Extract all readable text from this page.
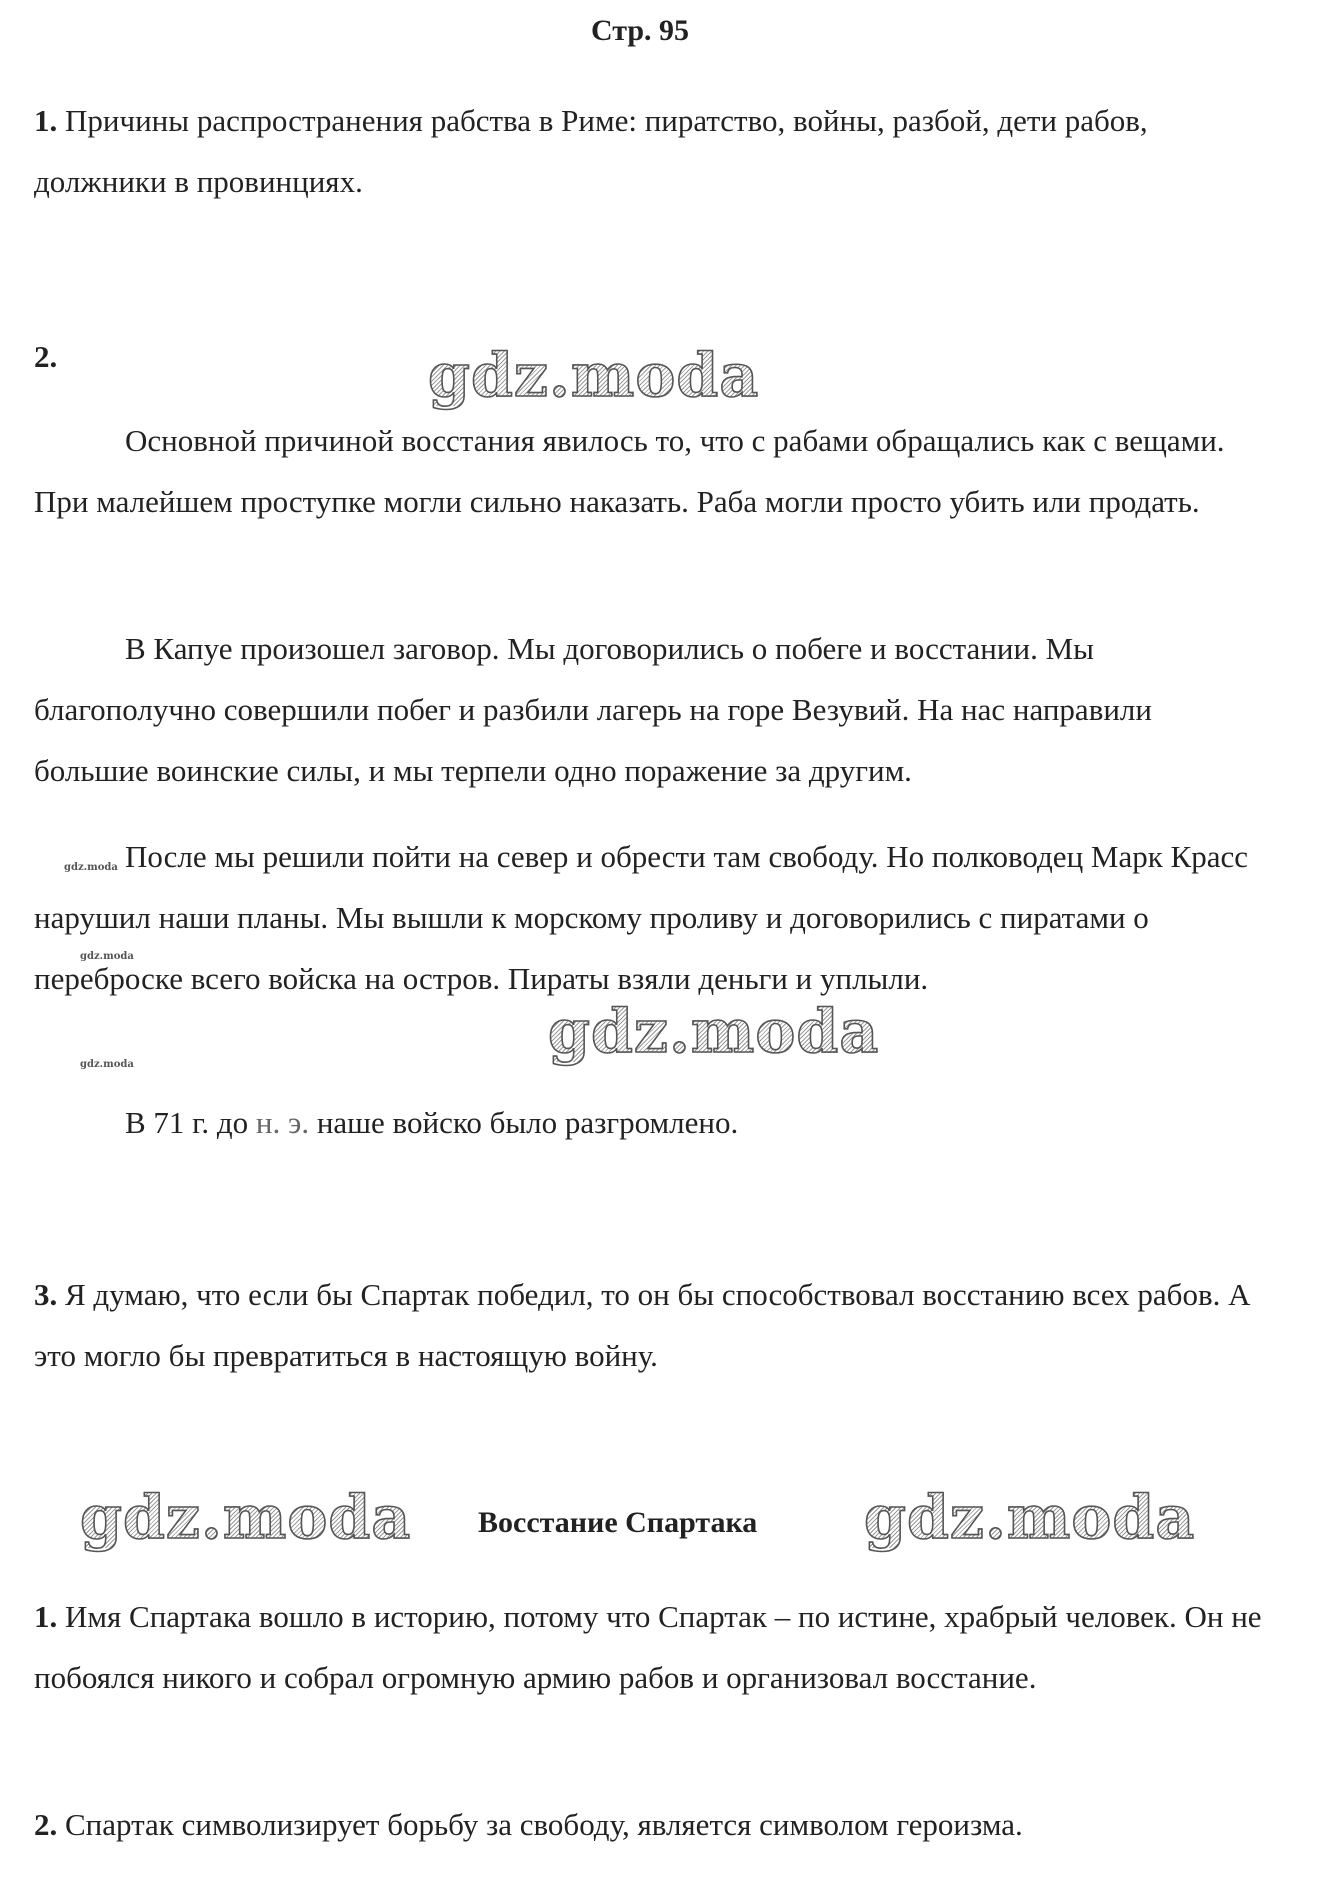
Стр. 95

1. Причины распространения рабства в Риме: пиратство, войны, разбой, дети рабов, должники в провинциях.

2.

Основной причиной восстания явилось то, что с рабами обращались как с вещами. При малейшем проступке могли сильно наказать. Раба могли просто убить или продать.

В Капуе произошел заговор. Мы договорились о побеге и восстании. Мы благополучно совершили побег и разбили лагерь на горе Везувий. На нас направили большие воинские силы, и мы терпели одно поражение за другим.

После мы решили пойти на север и обрести там свободу. Но полководец Марк Красс нарушил наши планы. Мы вышли к морскому проливу и договорились с пиратами о переброске всего войска на остров. Пираты взяли деньги и уплыли.

В 71 г. до н. э. наше войско было разгромлено.

3. Я думаю, что если бы Спартак победил, то он бы способствовал восстанию всех рабов. А это могло бы превратиться в настоящую войну.

Восстание Спартака

1. Имя Спартака вошло в историю, потому что Спартак – по истине, храбрый человек. Он не побоялся никого и собрал огромную армию рабов и организовал восстание.

2. Спартак символизирует борьбу за свободу, является символом героизма.

gdz.moda
gdz.moda
gdz.moda	gdz.moda
gdz.moda
gdz.moda
gdz.moda
